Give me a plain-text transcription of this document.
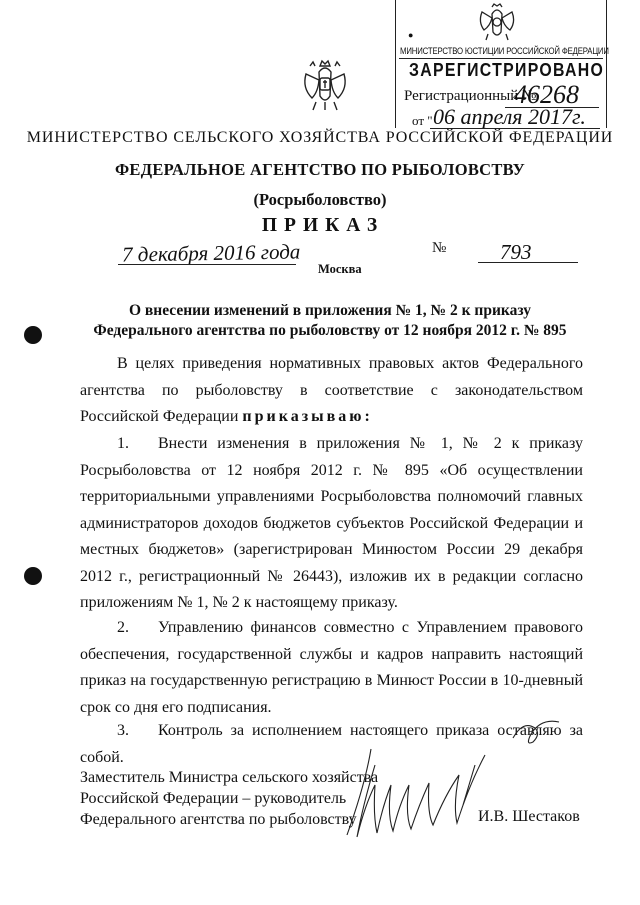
●
МИНИСТЕРСТВО ЮСТИЦИИ РОССИЙСКОЙ ФЕДЕРАЦИИ
ЗАРЕГИСТРИРОВАНО
Регистрационный №
46268
от " 06 апреля 2017г.
МИНИСТЕРСТВО СЕЛЬСКОГО ХОЗЯЙСТВА РОССИЙСКОЙ ФЕДЕРАЦИИ
ФЕДЕРАЛЬНОЕ АГЕНТСТВО ПО РЫБОЛОВСТВУ
(Росрыболовство)
ПРИКАЗ
7 декабря 2016 года	№	793
Москва
О внесении изменений в приложения № 1, № 2 к приказу
Федерального агентства по рыболовству от 12 ноября 2012 г. № 895
В целях приведения нормативных правовых актов Федерального агентства по рыболовству в соответствие с законодательством Российской Федерации приказываю:
1. Внести изменения в приложения № 1, № 2 к приказу Росрыболовства от 12 ноября 2012 г. № 895 «Об осуществлении территориальными управлениями Росрыболовства полномочий главных администраторов доходов бюджетов субъектов Российской Федерации и местных бюджетов» (зарегистрирован Минюстом России 29 декабря 2012 г., регистрационный № 26443), изложив их в редакции согласно приложениям № 1, № 2 к настоящему приказу.
2. Управлению финансов совместно с Управлением правового обеспечения, государственной службы и кадров направить настоящий приказ на государственную регистрацию в Минюст России в 10-дневный срок со дня его подписания.
3. Контроль за исполнением настоящего приказа оставляю за собой.
Заместитель Министра сельского хозяйства
Российской Федерации – руководитель
Федерального агентства по рыболовству	И.В. Шестаков
